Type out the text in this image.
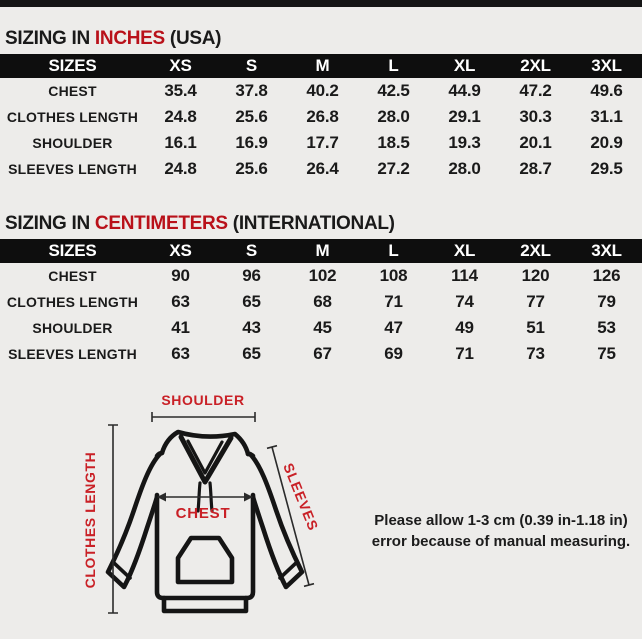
SIZING IN INCHES (USA)
SIZES	XS	S	M	L	XL	2XL	3XL
CHEST	35.4	37.8	40.2	42.5	44.9	47.2	49.6
CLOTHES LENGTH	24.8	25.6	26.8	28.0	29.1	30.3	31.1
SHOULDER	16.1	16.9	17.7	18.5	19.3	20.1	20.9
SLEEVES LENGTH	24.8	25.6	26.4	27.2	28.0	28.7	29.5
SIZING IN CENTIMETERS (INTERNATIONAL)
SIZES	XS	S	M	L	XL	2XL	3XL
CHEST	90	96	102	108	114	120	126
CLOTHES LENGTH	63	65	68	71	74	77	79
SHOULDER	41	43	45	47	49	51	53
SLEEVES LENGTH	63	65	67	69	71	73	75
SHOULDER
CLOTHES LENGTH	CHEST	SLEEVES	Please allow 1-3 cm (0.39 in-1.18 in)
error because of manual measuring.
